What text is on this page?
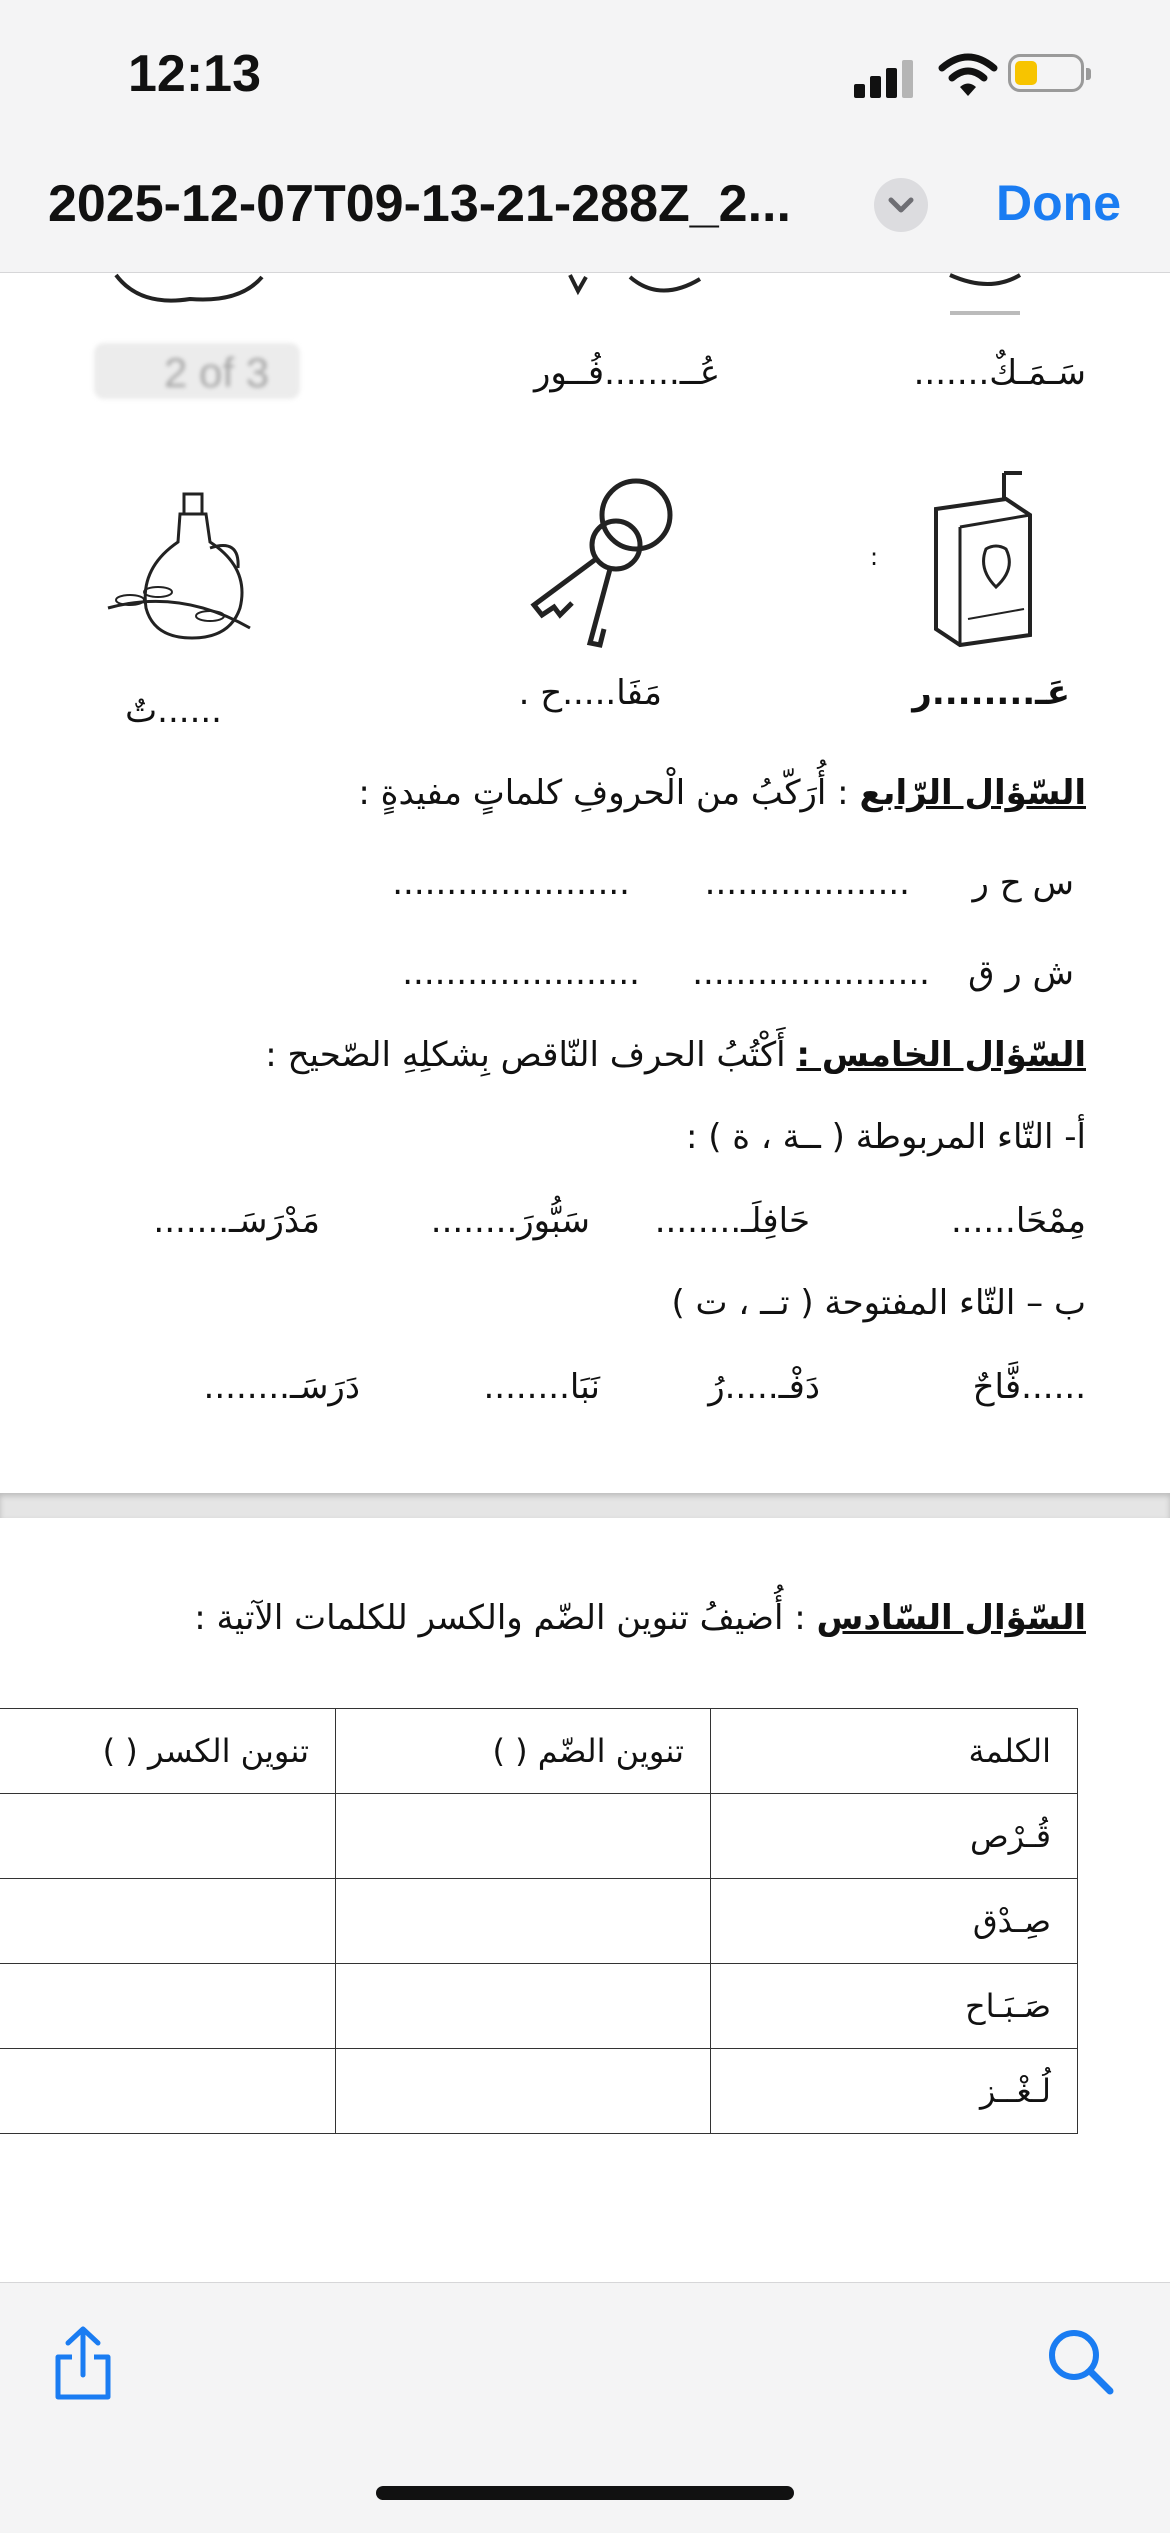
12:13
2025-12-07T09-13-21-288Z_2...	Done
2 of 3	سَـمَـكٌ.......
عُــ.......فُــور
:
عَـ........ر
مَفَا.....ح .
......تٌ
السّؤال الرّابع : أُرَكّبُ من الْحروفِ كلماتٍ مفيدةٍ :
س ح ر
...................
......................
ش ر ق
......................
......................
السّؤال الخامس : أَكْتُبُ الحرف النّاقص بِشكلِهِ الصّحيح :
أ- التّاء المربوطة ( ــة ، ة ) :
مِمْحَا......
حَافِلَـ........
سَبُّورَ........
مَدْرَسَـ.......
ب – التّاء المفتوحة ( تــ ، ت )
......فَّاحٌ
دَفْـ.....رُ
نَبَا........
دَرَسَـ........
السّؤال السّادس : أُضيفُ تنوين الضّم والكسر للكلمات الآتية :
الكلمة	تنوين الضّم ( )	تنوين الكسر ( )
قُـرْص		
صِـدْق		
صَـبَـاح		
لُـغْــز		
